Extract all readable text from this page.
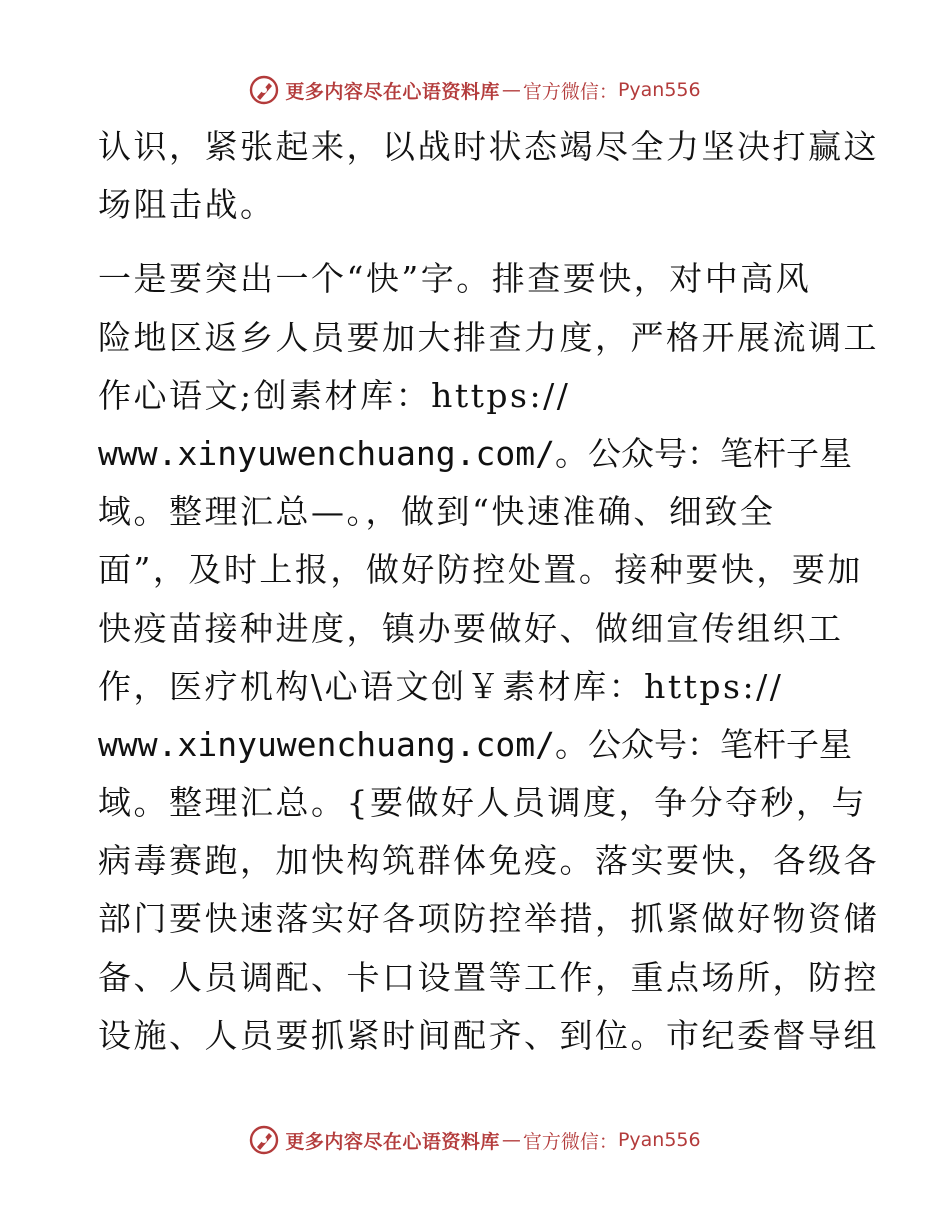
更多内容尽在心语资料库 — 官方微信： Pyan556
认识，紧张起来，以战时状态竭尽全力坚决打赢这
场阻击战。
一是要突出一个“快”字。排查要快，对中高风
险地区返乡人员要加大排查力度，严格开展流调工
作心语文;创素材库：https://
www.xinyuwenchuang.com/。公众号：笔杆子星
域。整理汇总—。，做到“快速准确、细致全
面”，及时上报，做好防控处置。接种要快，要加
快疫苗接种进度，镇办要做好、做细宣传组织工
作，医疗机构\心语文创￥素材库：https://
www.xinyuwenchuang.com/。公众号：笔杆子星
域。整理汇总。{要做好人员调度，争分夺秒，与
病毒赛跑，加快构筑群体免疫。落实要快，各级各
部门要快速落实好各项防控举措，抓紧做好物资储
备、人员调配、卡口设置等工作，重点场所，防控
设施、人员要抓紧时间配齐、到位。市纪委督导组
更多内容尽在心语资料库 — 官方微信： Pyan556
